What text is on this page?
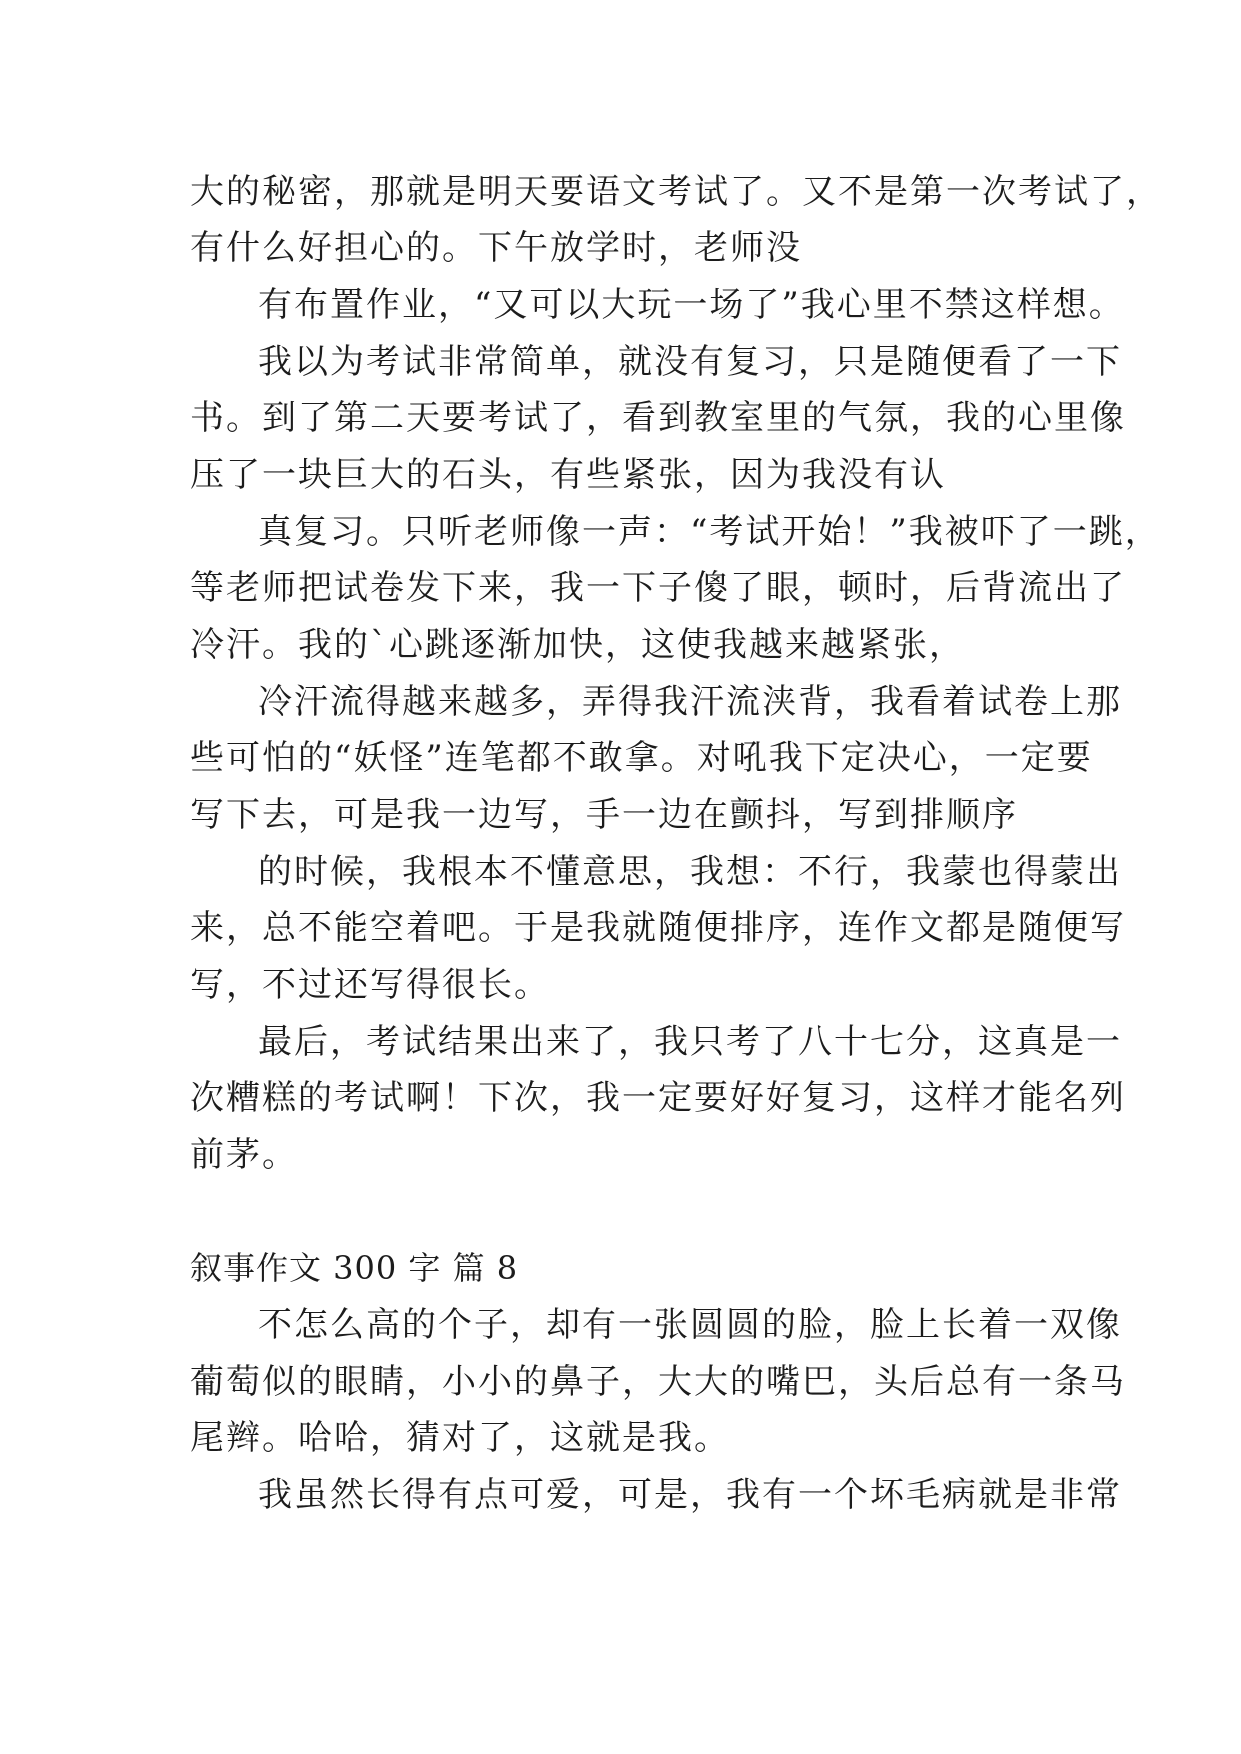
大的秘密，那就是明天要语文考试了。又不是第一次考试了，
有什么好担心的。下午放学时，老师没
有布置作业，“又可以大玩一场了”我心里不禁这样想。
我以为考试非常简单，就没有复习，只是随便看了一下
书。到了第二天要考试了，看到教室里的气氛，我的心里像
压了一块巨大的石头，有些紧张，因为我没有认
真复习。只听老师像一声：“考试开始！”我被吓了一跳，
等老师把试卷发下来，我一下子傻了眼，顿时，后背流出了
冷汗。我的`心跳逐渐加快，这使我越来越紧张，
冷汗流得越来越多，弄得我汗流浃背，我看着试卷上那
些可怕的“妖怪”连笔都不敢拿。对吼我下定决心，一定要
写下去，可是我一边写，手一边在颤抖，写到排顺序
的时候，我根本不懂意思，我想：不行，我蒙也得蒙出
来，总不能空着吧。于是我就随便排序，连作文都是随便写
写，不过还写得很长。
最后，考试结果出来了，我只考了八十七分，这真是一
次糟糕的考试啊！下次，我一定要好好复习，这样才能名列
前茅。
叙事作文 300 字 篇 8
不怎么高的个子，却有一张圆圆的脸，脸上长着一双像
葡萄似的眼睛，小小的鼻子，大大的嘴巴，头后总有一条马
尾辫。哈哈，猜对了，这就是我。
我虽然长得有点可爱，可是，我有一个坏毛病就是非常
